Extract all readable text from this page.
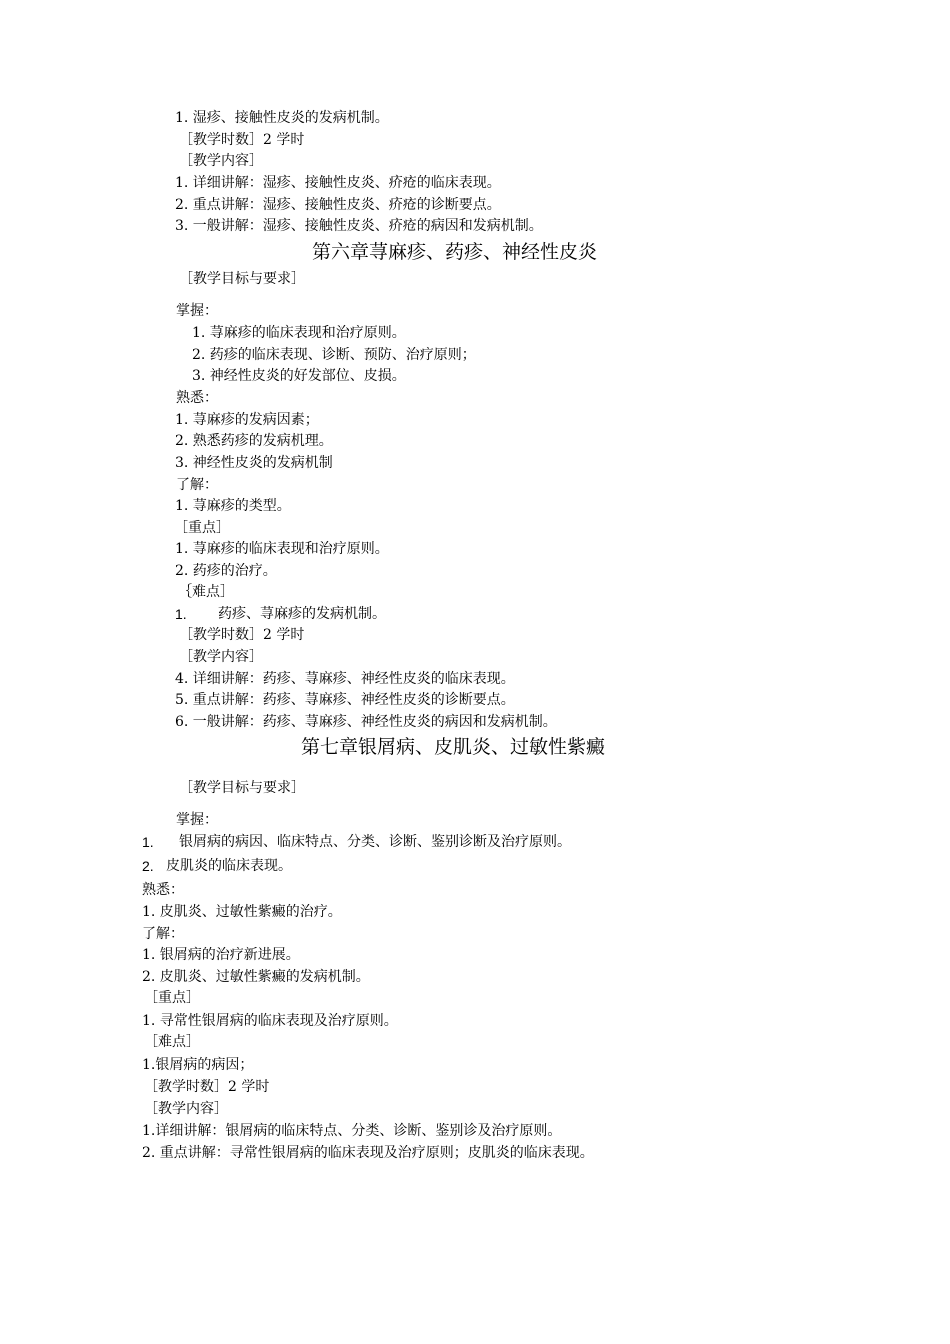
1. 湿疹、接触性皮炎的发病机制。
［教学时数］2 学时
［教学内容］
1. 详细讲解：湿疹、接触性皮炎、疥疮的临床表现。
2. 重点讲解：湿疹、接触性皮炎、疥疮的诊断要点。
3. 一般讲解：湿疹、接触性皮炎、疥疮的病因和发病机制。
第六章荨麻疹、药疹、神经性皮炎
［教学目标与要求］
掌握：
1. 荨麻疹的临床表现和治疗原则。
2. 药疹的临床表现、诊断、预防、治疗原则；
3. 神经性皮炎的好发部位、皮损。
熟悉：
1. 荨麻疹的发病因素；
2. 熟悉药疹的发病机理。
3. 神经性皮炎的发病机制
了解：
1. 荨麻疹的类型。
［重点］
1. 荨麻疹的临床表现和治疗原则。
2. 药疹的治疗。
｛难点］
1. 药疹、荨麻疹的发病机制。
［教学时数］2 学时
［教学内容］
4. 详细讲解：药疹、荨麻疹、神经性皮炎的临床表现。
5. 重点讲解：药疹、荨麻疹、神经性皮炎的诊断要点。
6. 一般讲解：药疹、荨麻疹、神经性皮炎的病因和发病机制。
第七章银屑病、皮肌炎、过敏性紫癜
［教学目标与要求］
掌握：
1. 银屑病的病因、临床特点、分类、诊断、鉴别诊断及治疗原则。
2. 皮肌炎的临床表现。
熟悉：
1. 皮肌炎、过敏性紫癜的治疗。
了解：
1. 银屑病的治疗新进展。
2. 皮肌炎、过敏性紫癜的发病机制。
［重点］
1. 寻常性银屑病的临床表现及治疗原则。
［难点］
1.银屑病的病因；
［教学时数］2 学时
［教学内容］
1.详细讲解：银屑病的临床特点、分类、诊断、鉴别诊及治疗原则。
2. 重点讲解：寻常性银屑病的临床表现及治疗原则；皮肌炎的临床表现。
